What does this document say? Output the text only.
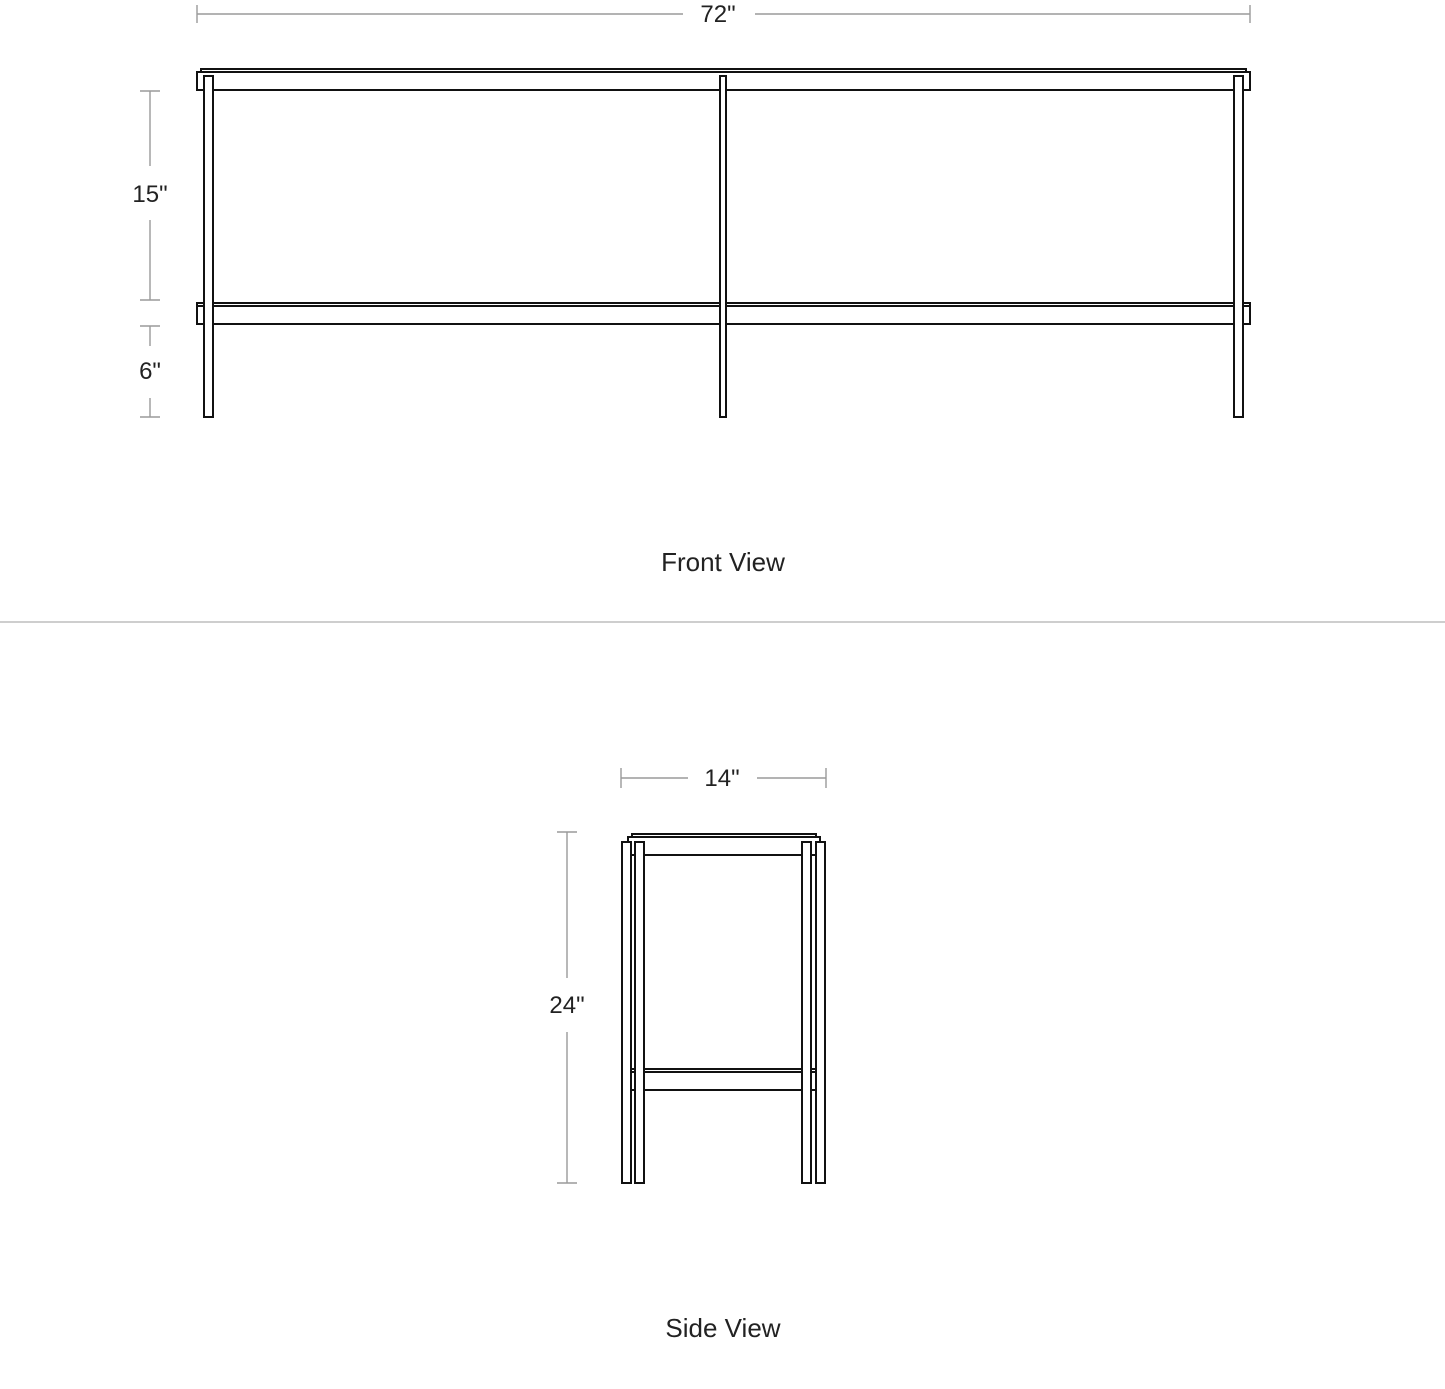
72"
15"
6"
Front View
14"
24"
Side View
